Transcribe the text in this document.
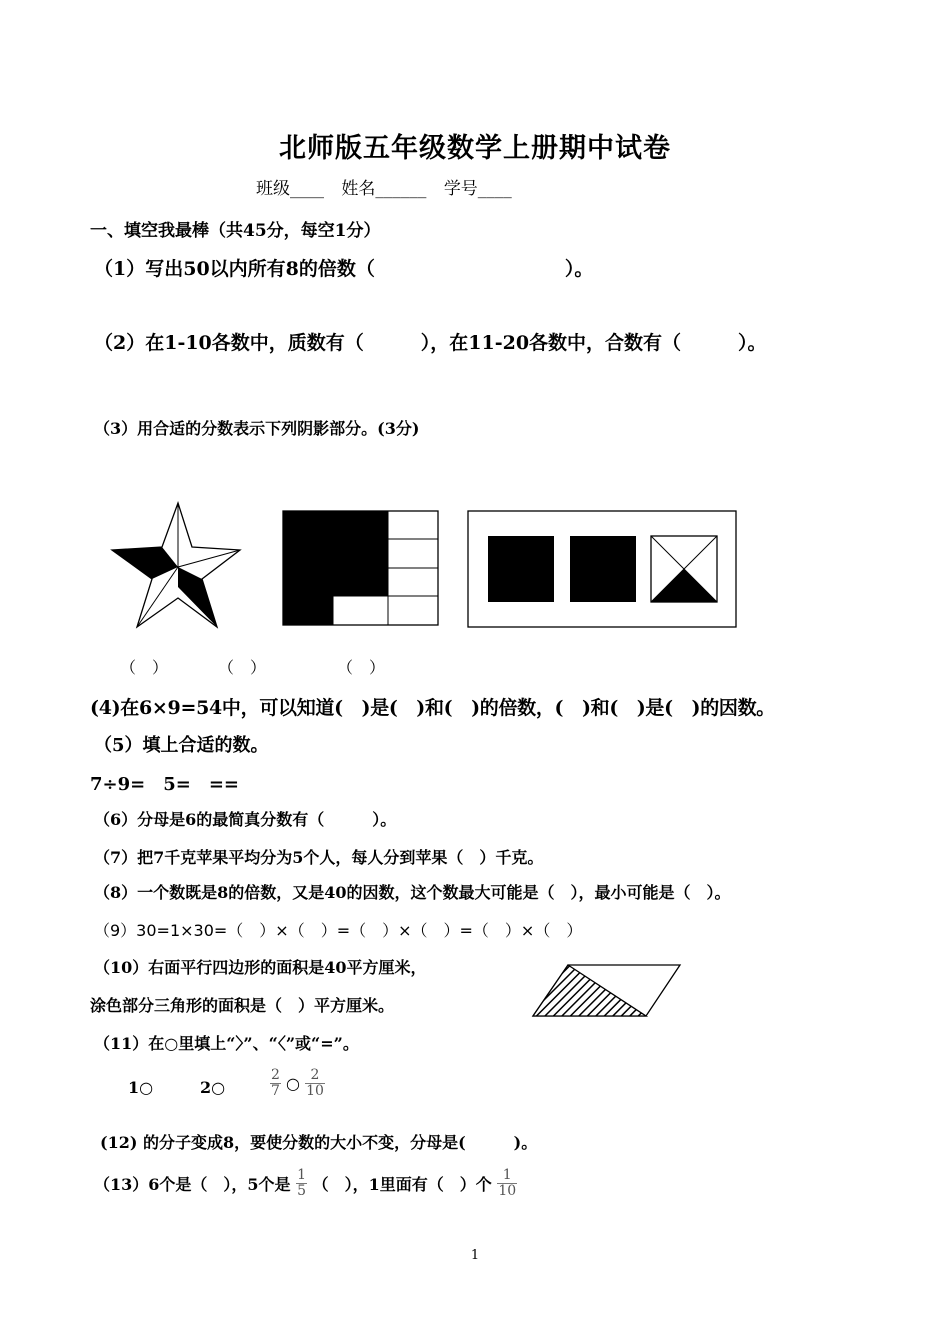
北师版五年级数学上册期中试卷
班级____ 姓名______ 学号____
一、填空我最棒（共45分，每空1分）
（1）写出50以内所有8的倍数（　　　　　　　　　　）。
（2）在1-10各数中，质数有（　　　），在11-20各数中，合数有（　　　）。
（3）用合适的分数表示下列阴影部分。(3分)
（　）	（　）	（　）
(4)在6×9=54中，可以知道(　)是(　)和(　)的倍数，(　)和(　)是(　)的因数。
（5）填上合适的数。
7÷9=　5=　==
（6）分母是6的最简真分数有（　　　）。
（7）把7千克苹果平均分为5个人，每人分到苹果（　）千克。
（8）一个数既是8的倍数，又是40的因数，这个数最大可能是（　），最小可能是（　）。
（9）30=1×30=（　）×（　）=（　）×（　）=（　）×（　）
（10）右面平行四边形的面积是40平方厘米，
涂色部分三角形的面积是（　）平方厘米。
（11）在○里填上“〉”、“〈”或“=”。
1○	2○	$\frac{2}{7}$ ○ $\frac{2}{10}$
(12) 的分子变成8，要使分数的大小不变，分母是(　　　)。
（13）6个是（　），5个是 $\frac{1}{5}$ （　），1里面有（　）个 $\frac{1}{10}$
1
